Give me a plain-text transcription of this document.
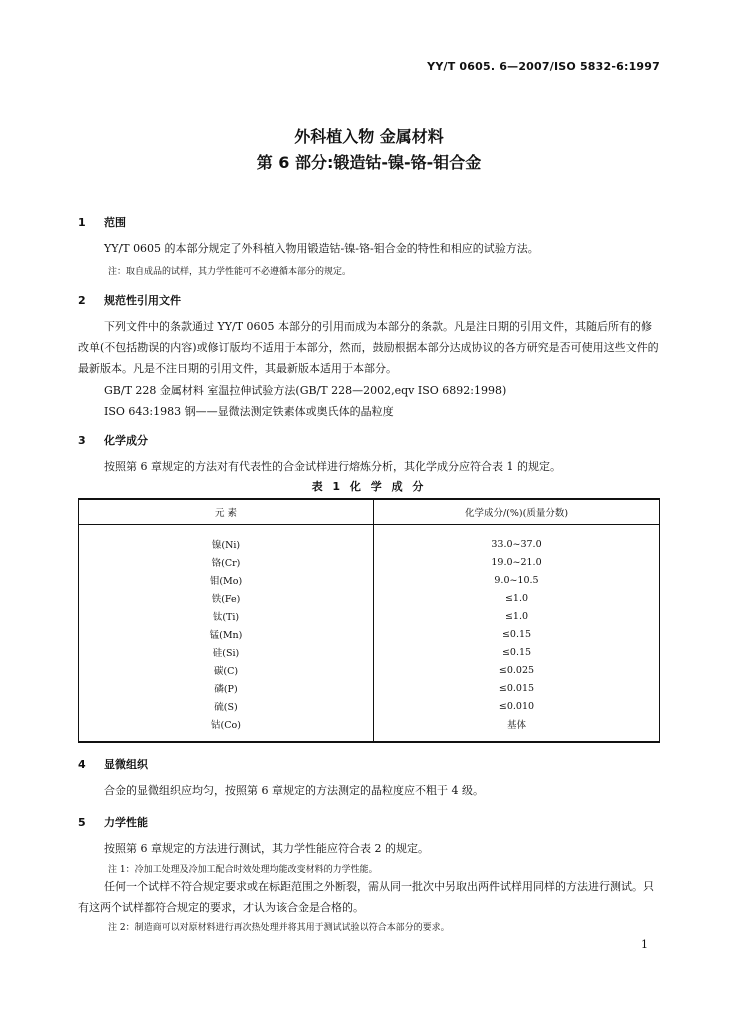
YY/T 0605. 6—2007/ISO 5832-6:1997
外科植入物 金属材料
第 6 部分:锻造钴-镍-铬-钼合金
1 范围
YY/T 0605 的本部分规定了外科植入物用锻造钴-镍-铬-钼合金的特性和相应的试验方法。
注：取自成品的试样，其力学性能可不必遵循本部分的规定。
2 规范性引用文件
下列文件中的条款通过 YY/T 0605 本部分的引用而成为本部分的条款。凡是注日期的引用文件，其随后所有的修改单(不包括勘误的内容)或修订版均不适用于本部分，然而，鼓励根据本部分达成协议的各方研究是否可使用这些文件的最新版本。凡是不注日期的引用文件，其最新版本适用于本部分。
GB/T 228 金属材料 室温拉伸试验方法(GB/T 228—2002,eqv ISO 6892:1998)
ISO 643:1983 钢——显微法测定铁素体或奥氏体的晶粒度
3 化学成分
按照第 6 章规定的方法对有代表性的合金试样进行熔炼分析，其化学成分应符合表 1 的规定。
表 1 化 学 成 分
元 素	化学成分/(%)(质量分数)
镍(Ni)	33.0~37.0
铬(Cr)	19.0~21.0
钼(Mo)	9.0~10.5
铁(Fe)	≤1.0
钛(Ti)	≤1.0
锰(Mn)	≤0.15
硅(Si)	≤0.15
碳(C)	≤0.025
磷(P)	≤0.015
硫(S)	≤0.010
钴(Co)	基体
4 显微组织
合金的显微组织应均匀，按照第 6 章规定的方法测定的晶粒度应不粗于 4 级。
5 力学性能
按照第 6 章规定的方法进行测试，其力学性能应符合表 2 的规定。
注 1：冷加工处理及冷加工配合时效处理均能改变材料的力学性能。
任何一个试样不符合规定要求或在标距范围之外断裂，需从同一批次中另取出两件试样用同样的方法进行测试。只有这两个试样都符合规定的要求，才认为该合金是合格的。
注 2：制造商可以对原材料进行再次热处理并将其用于测试试验以符合本部分的要求。
1
